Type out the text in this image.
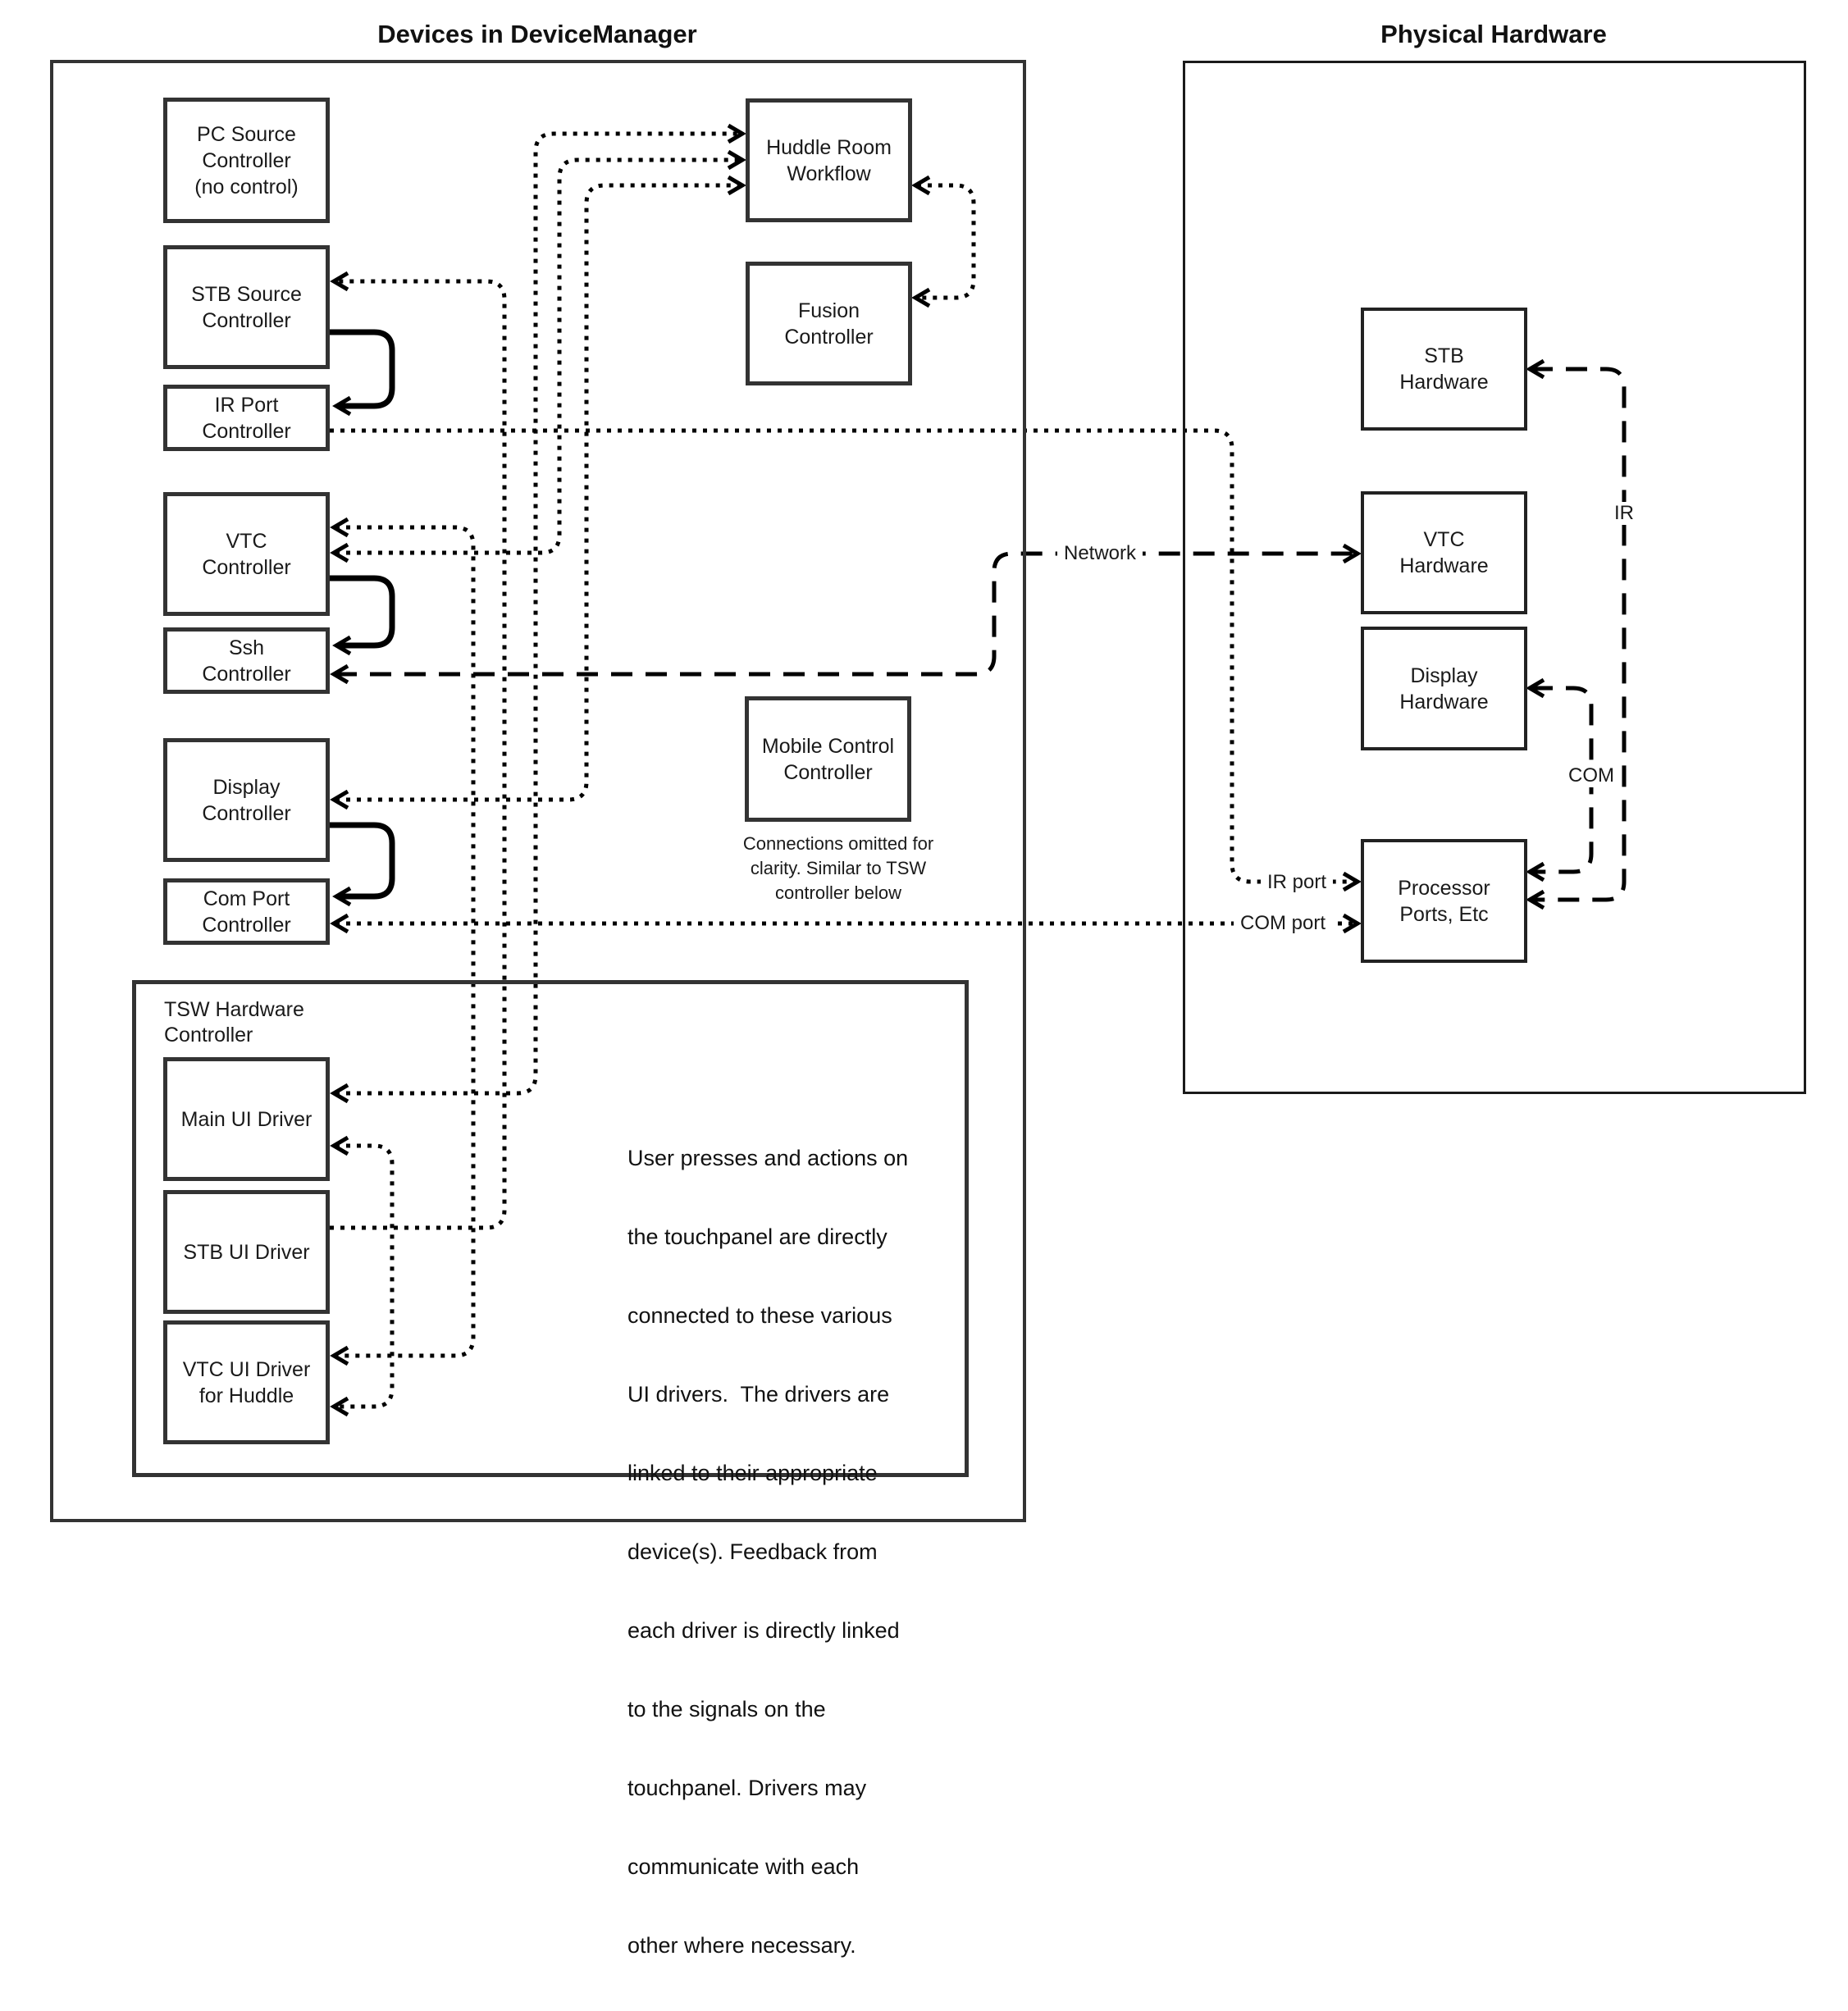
Devices in DeviceManager	Physical Hardware
TSW Hardware
Controller
PC Source
Controller
(no control)
STB Source
Controller
IR Port
Controller
VTC
Controller
Ssh
Controller
Display
Controller
Com Port
Controller
Main UI Driver
STB UI Driver
VTC UI Driver
for Huddle
Huddle Room
Workflow
Fusion
Controller
Mobile Control
Controller
STB
Hardware
VTC
Hardware
Display
Hardware
Processor
Ports, Etc
Network
IR
COM
IR port
COM port
Connections omitted for
clarity. Similar to TSW
controller below

User presses and actions on

the touchpanel are directly

connected to these various

UI drivers.  The drivers are

linked to their appropriate

device(s). Feedback from

each driver is directly linked

to the signals on the

touchpanel. Drivers may

communicate with each

other where necessary.
